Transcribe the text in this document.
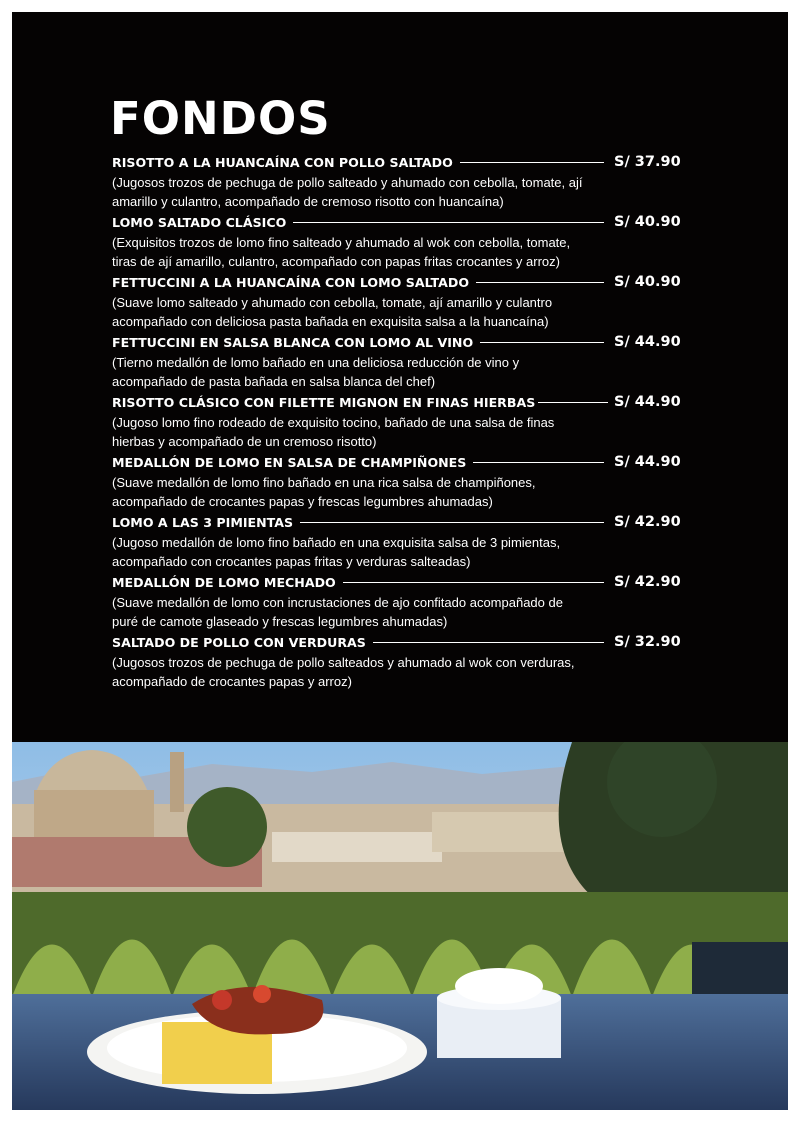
FONDOS
RISOTTO A LA HUANCAÍNA CON POLLO SALTADO	S/ 37.90
(Jugosos trozos de pechuga de pollo salteado y ahumado con cebolla, tomate, ají amarillo y culantro, acompañado de cremoso risotto con huancaína)
LOMO SALTADO CLÁSICO	S/ 40.90
(Exquisitos trozos de lomo fino salteado y ahumado al wok con cebolla, tomate, tiras de ají amarillo, culantro, acompañado con papas fritas crocantes y arroz)
FETTUCCINI A LA HUANCAÍNA CON LOMO SALTADO	S/ 40.90
(Suave lomo salteado y ahumado con cebolla, tomate, ají amarillo y culantro acompañado con deliciosa pasta bañada en exquisita salsa a la huancaína)
FETTUCCINI EN SALSA BLANCA CON LOMO AL VINO	S/ 44.90
(Tierno medallón de lomo bañado en una deliciosa reducción de vino y acompañado de pasta bañada en salsa blanca del chef)
RISOTTO CLÁSICO CON FILETTE MIGNON EN FINAS HIERBAS	S/ 44.90
(Jugoso lomo fino rodeado de exquisito tocino, bañado de una salsa de finas hierbas y acompañado de un cremoso risotto)
MEDALLÓN DE LOMO EN SALSA DE CHAMPIÑONES	S/ 44.90
(Suave medallón de lomo fino bañado en una rica salsa de champiñones, acompañado de crocantes papas y frescas legumbres ahumadas)
LOMO A LAS 3 PIMIENTAS	S/ 42.90
(Jugoso medallón de lomo fino bañado en una exquisita salsa de 3 pimientas, acompañado con crocantes papas fritas y verduras salteadas)
MEDALLÓN DE LOMO MECHADO	S/ 42.90
(Suave medallón de lomo con incrustaciones de ajo confitado acompañado de puré de camote glaseado y frescas legumbres ahumadas)
SALTADO DE POLLO CON VERDURAS	S/ 32.90
(Jugosos trozos de pechuga de pollo salteados y ahumado al wok con verduras, acompañado de crocantes papas y arroz)
